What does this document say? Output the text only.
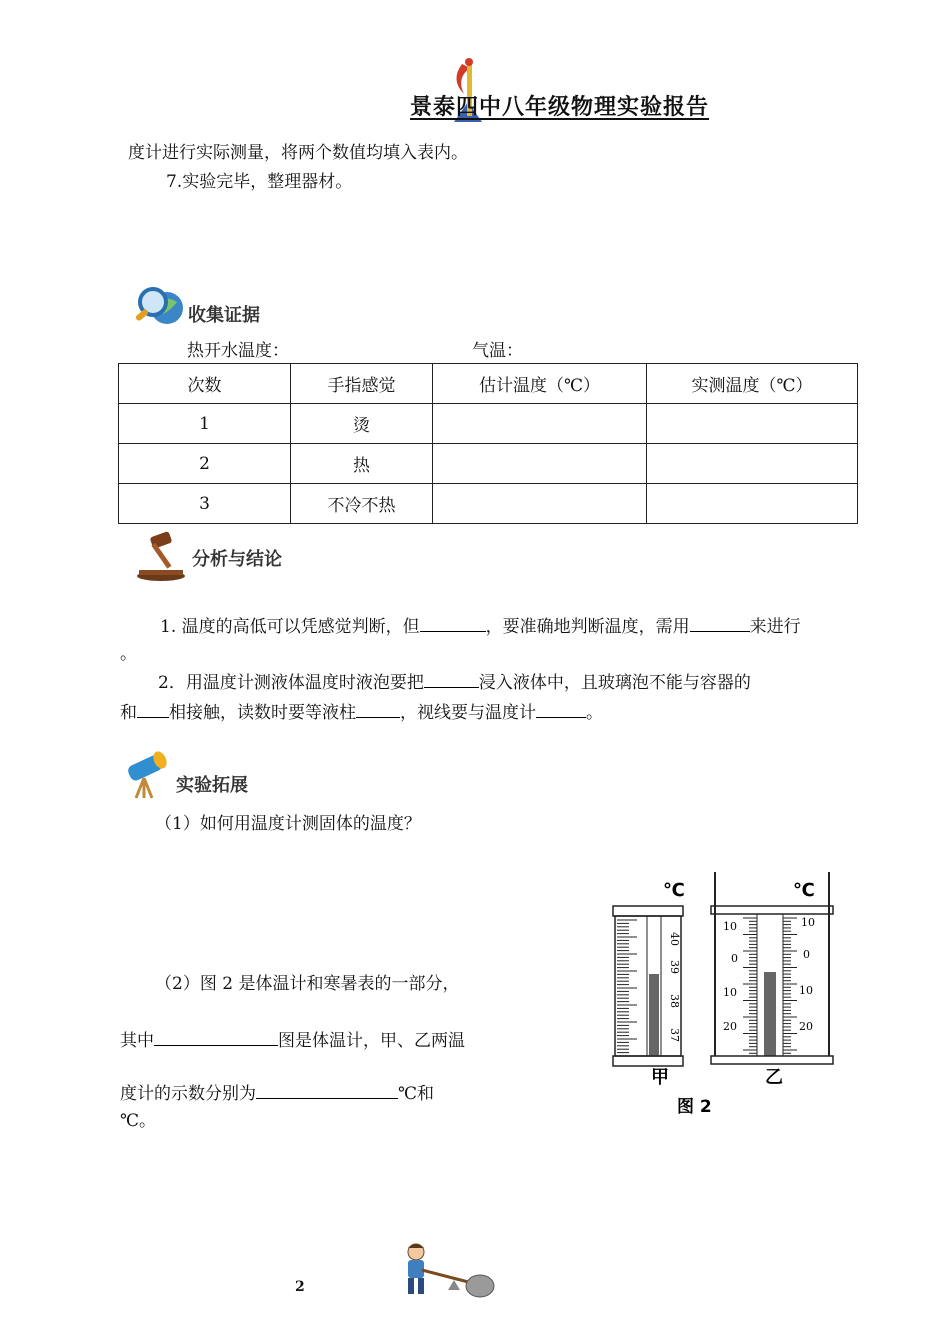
景泰四中八年级物理实验报告
度计进行实际测量，将两个数值均填入表内。
7.实验完毕，整理器材。
收集证据
热开水温度：	气温：
次数	手指感觉	估计温度（℃）	实测温度（℃）
1	烫		
2	热		
3	不冷不热		
分析与结论
1. 温度的高低可以凭感觉判断，但	，要准确地判断温度，需用	来进行
。
2．用温度计测液体温度时液泡要把	浸入液体中，且玻璃泡不能与容器的
和 相接触，读数时要等液柱	，视线要与温度计	。
实验拓展
（1）如何用温度计测固体的温度？
（2）图 2 是体温计和寒暑表的一部分，
其中	图是体温计，甲、乙两温
度计的示数分别为	℃和
℃。
℃
40
39
38
37
甲
℃
10
0
10
20
10
0
10
20
乙
图 2
2
